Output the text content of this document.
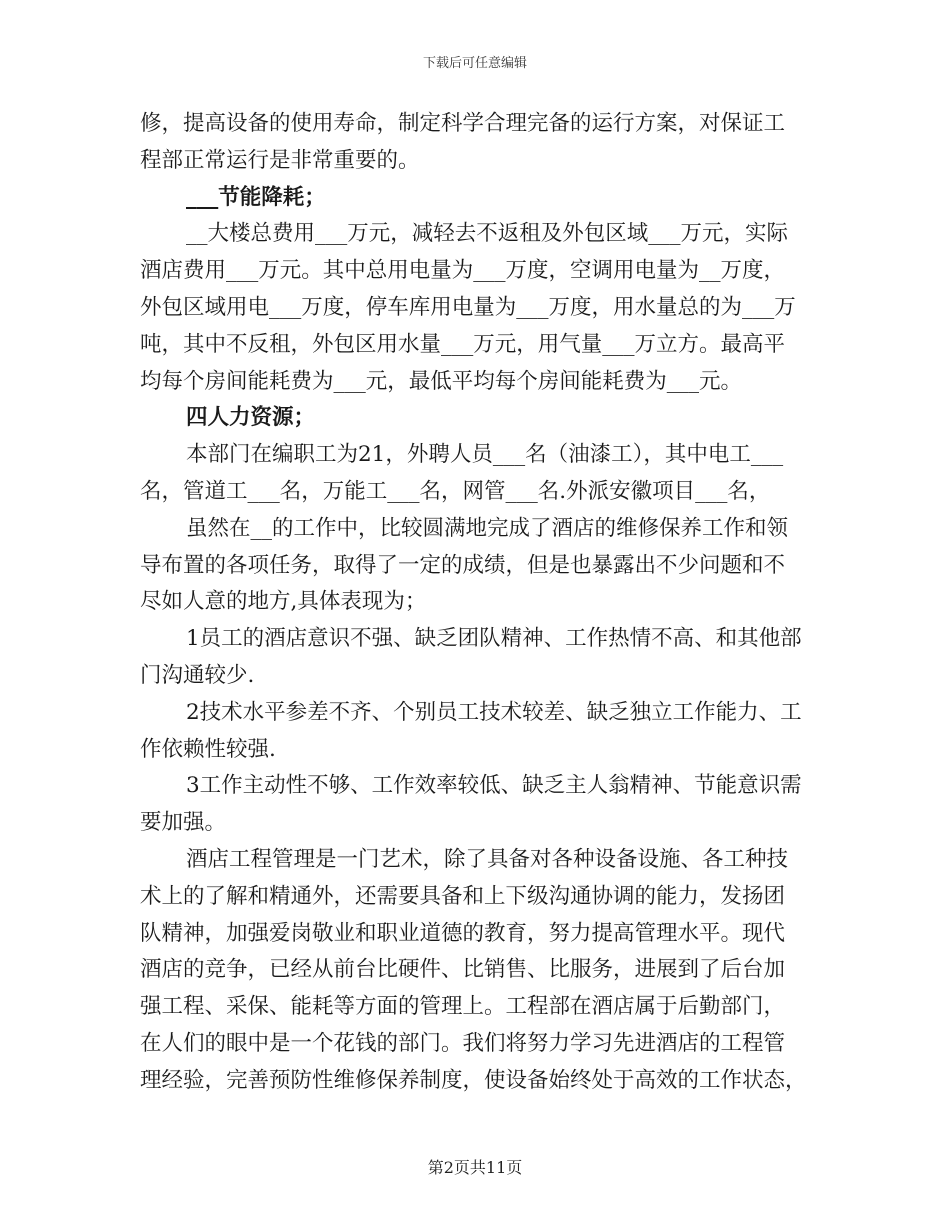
下载后可任意编辑
修，提高设备的使用寿命，制定科学合理完备的运行方案，对保证工
程部正常运行是非常重要的。
___节能降耗；
__大楼总费用___万元，减轻去不返租及外包区域___万元，实际
酒店费用___万元。其中总用电量为___万度，空调用电量为__万度，
外包区域用电___万度，停车库用电量为___万度，用水量总的为___万
吨，其中不反租，外包区用水量___万元，用气量___万立方。最高平
均每个房间能耗费为___元，最低平均每个房间能耗费为___元。
四人力资源；
本部门在编职工为21，外聘人员___名（油漆工），其中电工___
名，管道工___名，万能工___名，网管___名.外派安徽项目___名，
虽然在__的工作中，比较圆满地完成了酒店的维修保养工作和领
导布置的各项任务，取得了一定的成绩，但是也暴露出不少问题和不
尽如人意的地方,具体表现为；
1员工的酒店意识不强、缺乏团队精神、工作热情不高、和其他部
门沟通较少.
2技术水平参差不齐、个别员工技术较差、缺乏独立工作能力、工
作依赖性较强.
3工作主动性不够、工作效率较低、缺乏主人翁精神、节能意识需
要加强。
酒店工程管理是一门艺术，除了具备对各种设备设施、各工种技
术上的了解和精通外，还需要具备和上下级沟通协调的能力，发扬团
队精神，加强爱岗敬业和职业道德的教育，努力提高管理水平。现代
酒店的竞争，已经从前台比硬件、比销售、比服务，进展到了后台加
强工程、采保、能耗等方面的管理上。工程部在酒店属于后勤部门，
在人们的眼中是一个花钱的部门。我们将努力学习先进酒店的工程管
理经验，完善预防性维修保养制度，使设备始终处于高效的工作状态，
第2页共11页
